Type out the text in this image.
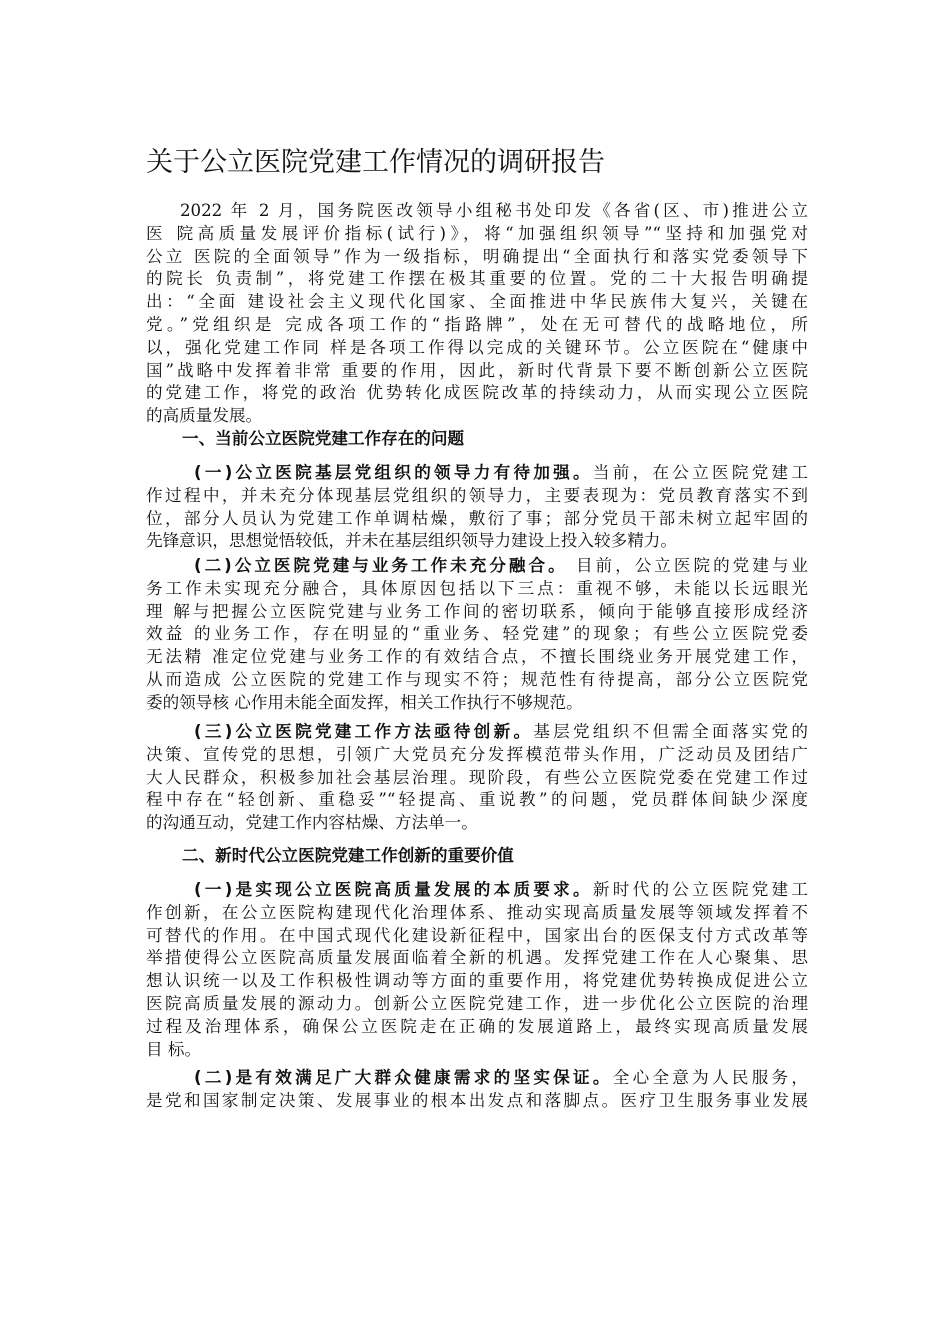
关于公立医院党建工作情况的调研报告
2022 年 2 月，国务院医改领导小组秘书处印发《各省(区、市)推进公立
医 院高质量发展评价指标(试行)》，将“加强组织领导”“坚持和加强党对
公立 医院的全面领导”作为一级指标，明确提出“全面执行和落实党委领导下
的院长 负责制”，将党建工作摆在极其重要的位置。党的二十大报告明确提
出：“全面 建设社会主义现代化国家、全面推进中华民族伟大复兴，关键在
党。”党组织是 完成各项工作的“指路牌”，处在无可替代的战略地位，所
以，强化党建工作同 样是各项工作得以完成的关键环节。公立医院在“健康中
国”战略中发挥着非常 重要的作用，因此，新时代背景下要不断创新公立医院
的党建工作，将党的政治 优势转化成医院改革的持续动力，从而实现公立医院
的高质量发展。
一、当前公立医院党建工作存在的问题
(一)公立医院基层党组织的领导力有待加强。当前，在公立医院党建工
作过程中，并未充分体现基层党组织的领导力，主要表现为：党员教育落实不到
位，部分人员认为党建工作单调枯燥，敷衍了事；部分党员干部未树立起牢固的
先锋意识，思想觉悟较低，并未在基层组织领导力建设上投入较多精力。
(二)公立医院党建与业务工作未充分融合。 目前，公立医院的党建与业
务工作未实现充分融合，具体原因包括以下三点：重视不够，未能以长远眼光
理 解与把握公立医院党建与业务工作间的密切联系，倾向于能够直接形成经济
效益 的业务工作，存在明显的“重业务、轻党建”的现象；有些公立医院党委
无法精 准定位党建与业务工作的有效结合点，不擅长围绕业务开展党建工作，
从而造成 公立医院的党建工作与现实不符；规范性有待提高，部分公立医院党
委的领导核 心作用未能全面发挥，相关工作执行不够规范。
(三)公立医院党建工作方法亟待创新。基层党组织不但需全面落实党的
决策、宣传党的思想，引领广大党员充分发挥模范带头作用，广泛动员及团结广
大人民群众，积极参加社会基层治理。现阶段，有些公立医院党委在党建工作过
程中存在“轻创新、重稳妥”“轻提高、重说教”的问题，党员群体间缺少深度
的沟通互动，党建工作内容枯燥、方法单一。
二、新时代公立医院党建工作创新的重要价值
(一)是实现公立医院高质量发展的本质要求。新时代的公立医院党建工
作创新，在公立医院构建现代化治理体系、推动实现高质量发展等领域发挥着不
可替代的作用。在中国式现代化建设新征程中，国家出台的医保支付方式改革等
举措使得公立医院高质量发展面临着全新的机遇。发挥党建工作在人心聚集、思
想认识统一以及工作积极性调动等方面的重要作用，将党建优势转换成促进公立
医院高质量发展的源动力。创新公立医院党建工作，进一步优化公立医院的治理
过程及治理体系，确保公立医院走在正确的发展道路上，最终实现高质量发展
目 标。
(二)是有效满足广大群众健康需求的坚实保证。全心全意为人民服务，
是党和国家制定决策、发展事业的根本出发点和落脚点。医疗卫生服务事业发展
